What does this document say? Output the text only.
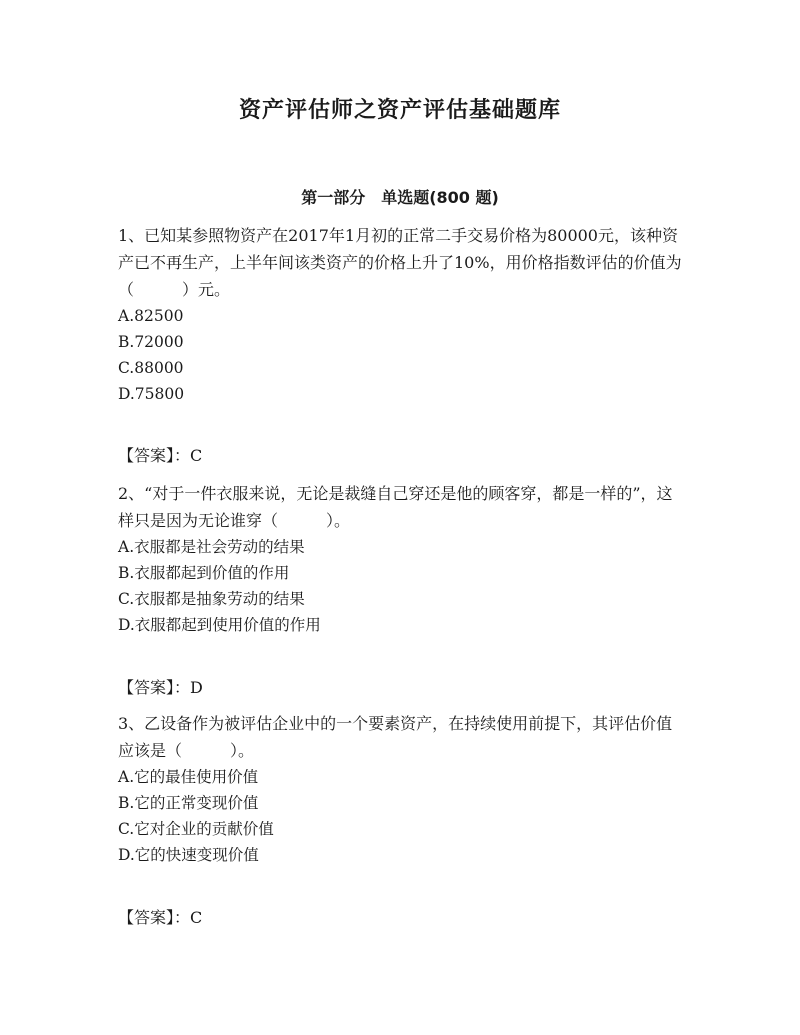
资产评估师之资产评估基础题库
第一部分　单选题(800 题)

1、已知某参照物资产在2017年1月初的正常二手交易价格为80000元，该种资产已不再生产，上半年间该类资产的价格上升了10%，用价格指数评估的价值为（　　　）元。

A.82500
B.72000
C.88000
D.75800
【答案】：C

2、“对于一件衣服来说，无论是裁缝自己穿还是他的顾客穿，都是一样的”，这样只是因为无论谁穿（　　　）。

A.衣服都是社会劳动的结果
B.衣服都起到价值的作用
C.衣服都是抽象劳动的结果
D.衣服都起到使用价值的作用
【答案】：D

3、乙设备作为被评估企业中的一个要素资产，在持续使用前提下，其评估价值应该是（　　　）。

A.它的最佳使用价值
B.它的正常变现价值
C.它对企业的贡献价值
D.它的快速变现价值
【答案】：C
